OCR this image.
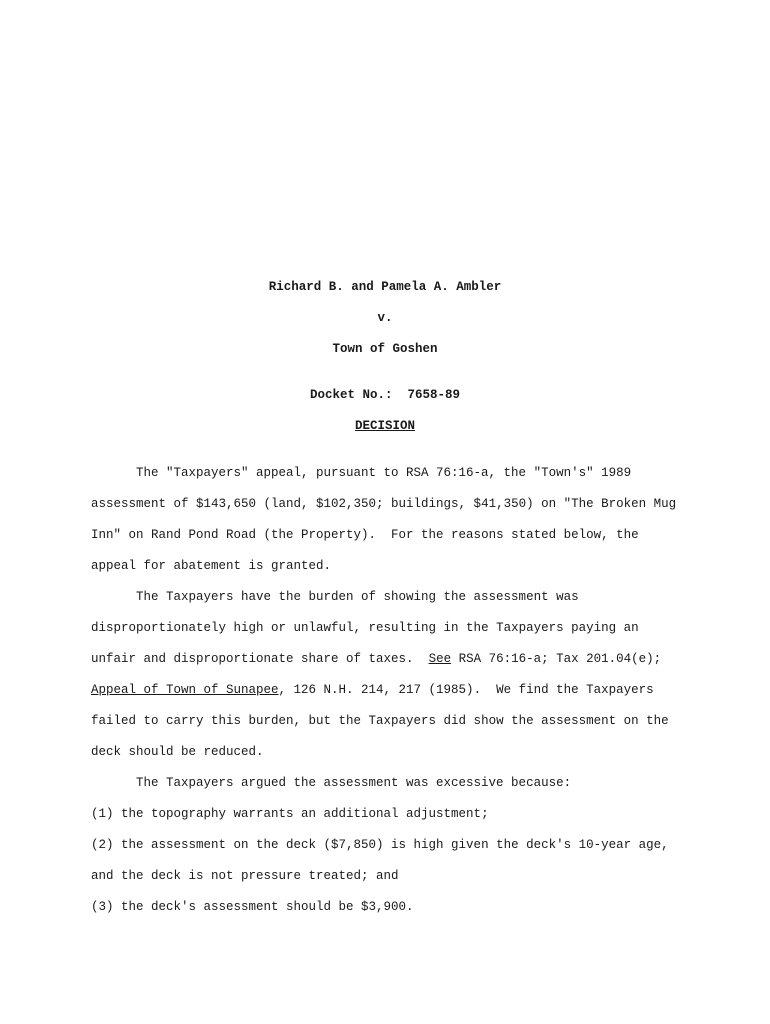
Richard B. and Pamela A. Ambler
v.
Town of Goshen
Docket No.:  7658-89
DECISION
The "Taxpayers" appeal, pursuant to RSA 76:16-a, the "Town's" 1989
assessment of $143,650 (land, $102,350; buildings, $41,350) on "The Broken Mug
Inn" on Rand Pond Road (the Property).  For the reasons stated below, the
appeal for abatement is granted.
The Taxpayers have the burden of showing the assessment was
disproportionately high or unlawful, resulting in the Taxpayers paying an
unfair and disproportionate share of taxes.  See RSA 76:16-a; Tax 201.04(e);
Appeal of Town of Sunapee, 126 N.H. 214, 217 (1985).  We find the Taxpayers
failed to carry this burden, but the Taxpayers did show the assessment on the
deck should be reduced.
The Taxpayers argued the assessment was excessive because:
(1) the topography warrants an additional adjustment;
(2) the assessment on the deck ($7,850) is high given the deck's 10-year age,
and the deck is not pressure treated; and
(3) the deck's assessment should be $3,900.
